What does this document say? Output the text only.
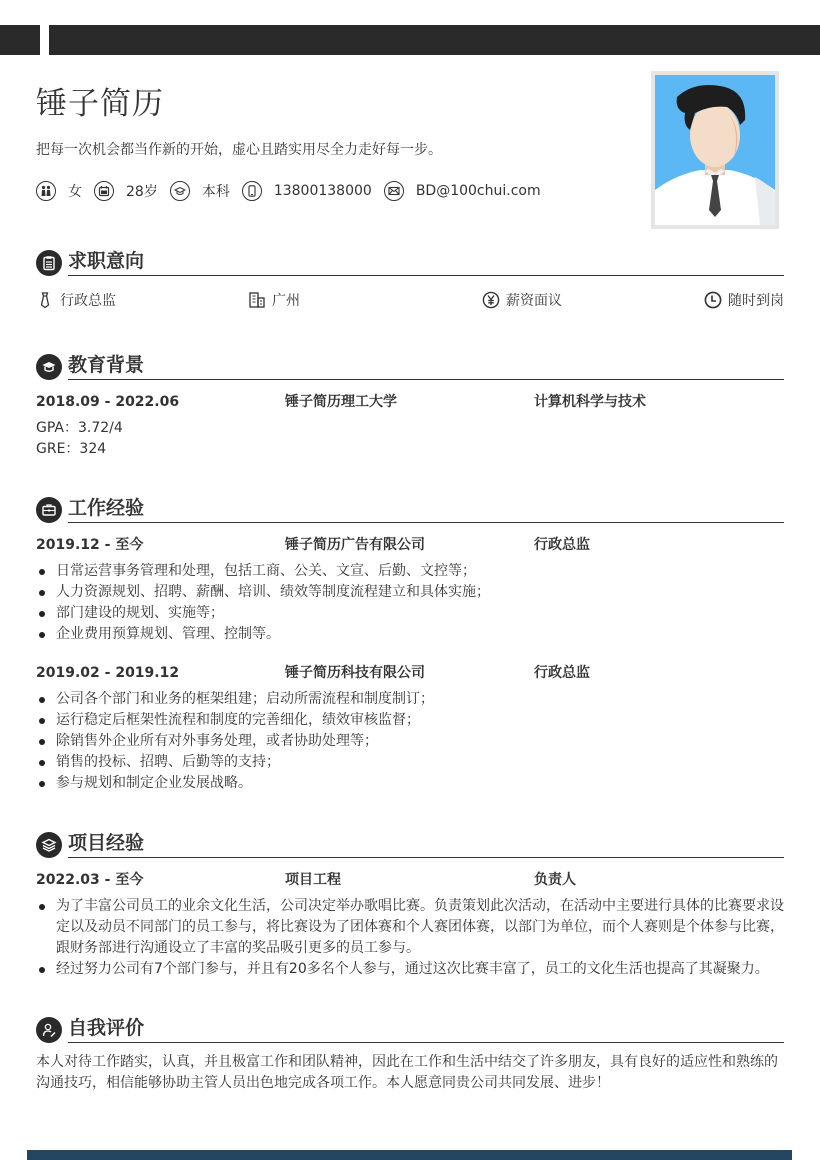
锤子简历
把每一次机会都当作新的开始，虚心且踏实用尽全力走好每一步。
女	28岁	本科	13800138000	BD@100chui.com
求职意向
行政总监	广州	薪资面议	随时到岗
教育背景
2018.09 - 2022.06	锤子简历理工大学	计算机科学与技术
GPA：3.72/4
GRE：324
工作经验
2019.12 - 至今	锤子简历广告有限公司	行政总监
日常运营事务管理和处理，包括工商、公关、文宣、后勤、文控等；
人力资源规划、招聘、薪酬、培训、绩效等制度流程建立和具体实施；
部门建设的规划、实施等；
企业费用预算规划、管理、控制等。
2019.02 - 2019.12	锤子简历科技有限公司	行政总监
公司各个部门和业务的框架组建；启动所需流程和制度制订；
运行稳定后框架性流程和制度的完善细化，绩效审核监督；
除销售外企业所有对外事务处理，或者协助处理等；
销售的投标、招聘、后勤等的支持；
参与规划和制定企业发展战略。
项目经验
2022.03 - 至今	项目工程	负责人
为了丰富公司员工的业余文化生活，公司决定举办歌唱比赛。负责策划此次活动，在活动中主要进行具体的比赛要求设定以及动员不同部门的员工参与，将比赛设为了团体赛和个人赛团体赛，以部门为单位，而个人赛则是个体参与比赛，跟财务部进行沟通设立了丰富的奖品吸引更多的员工参与。
经过努力公司有7个部门参与，并且有20多名个人参与，通过这次比赛丰富了，员工的文化生活也提高了其凝聚力。
自我评价
本人对待工作踏实，认真，并且极富工作和团队精神，因此在工作和生活中结交了许多朋友，具有良好的适应性和熟练的沟通技巧，相信能够协助主管人员出色地完成各项工作。本人愿意同贵公司共同发展、进步！
